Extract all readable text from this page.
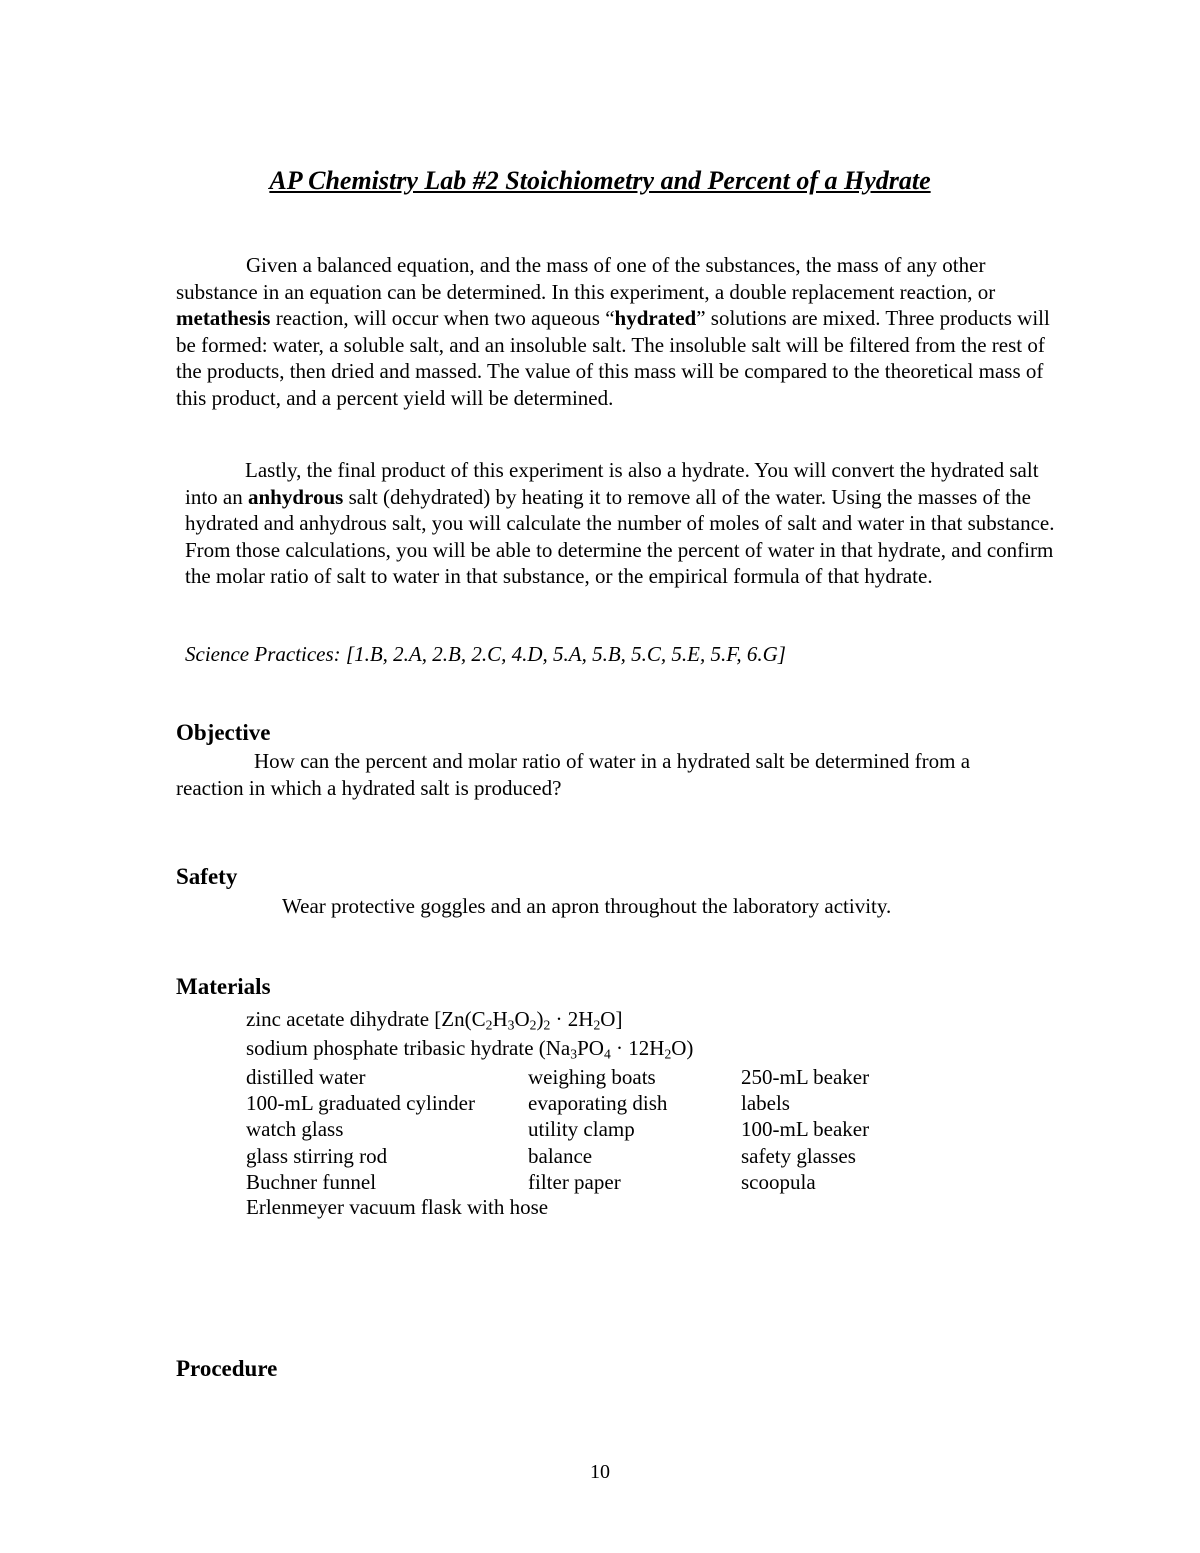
AP Chemistry Lab #2 Stoichiometry and Percent of a Hydrate

Given a balanced equation, and the mass of one of the substances, the mass of any other substance in an equation can be determined. In this experiment, a double replacement reaction, or metathesis reaction, will occur when two aqueous “hydrated” solutions are mixed. Three products will be formed: water, a soluble salt, and an insoluble salt. The insoluble salt will be filtered from the rest of the products, then dried and massed. The value of this mass will be compared to the theoretical mass of this product, and a percent yield will be determined.

Lastly, the final product of this experiment is also a hydrate. You will convert the hydrated salt into an anhydrous salt (dehydrated) by heating it to remove all of the water. Using the masses of the hydrated and anhydrous salt, you will calculate the number of moles of salt and water in that substance. From those calculations, you will be able to determine the percent of water in that hydrate, and confirm the molar ratio of salt to water in that substance, or the empirical formula of that hydrate.

Science Practices: [1.B, 2.A, 2.B, 2.C, 4.D, 5.A, 5.B, 5.C, 5.E, 5.F, 6.G]
Objective
How can the percent and molar ratio of water in a hydrated salt be determined from a reaction in which a hydrated salt is produced?
Safety
Wear protective goggles and an apron throughout the laboratory activity.
Materials
zinc acetate dihydrate $[Zn(C_2H_3O_2)_2 \cdot 2H_2O]$
sodium phosphate tribasic hydrate $(Na_3PO_4 \cdot 12H_2O)$
distilled water	weighing boats	250-mL beaker
100-mL graduated cylinder	evaporating dish	labels
watch glass	utility clamp	100-mL beaker
glass stirring rod	balance	safety glasses
Buchner funnel	filter paper	scoopula
Erlenmeyer vacuum flask with hose
Procedure
10
